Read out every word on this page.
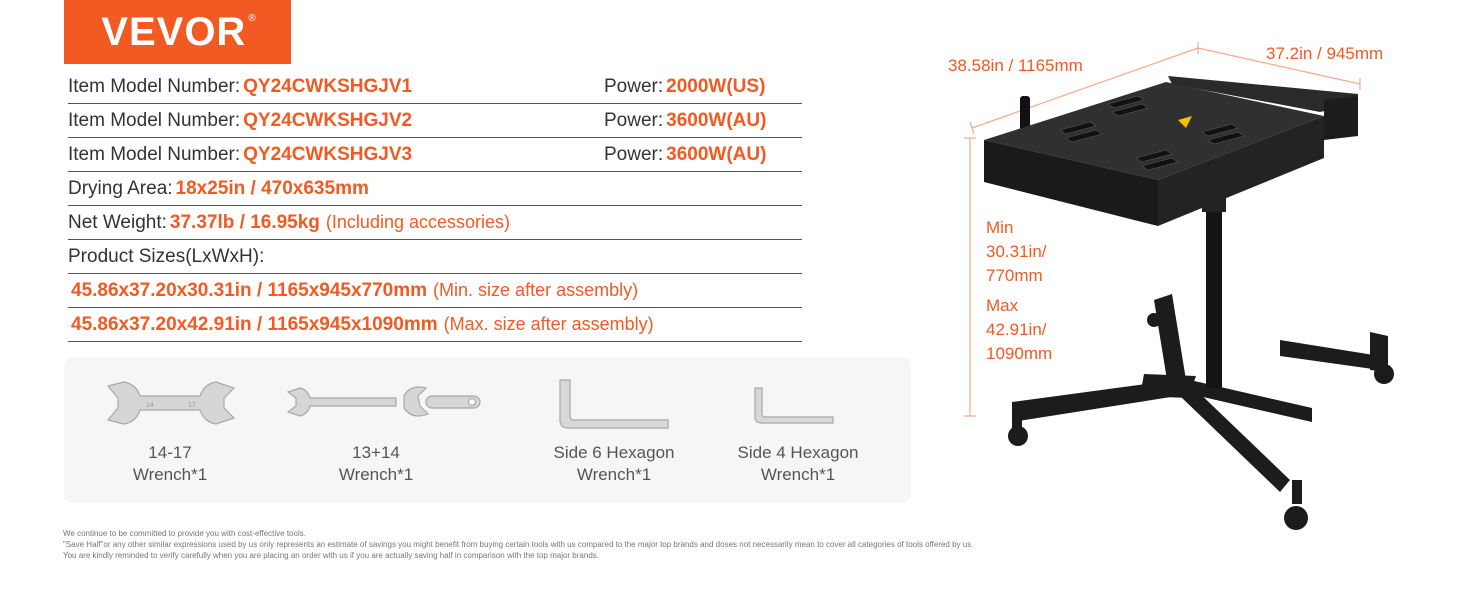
VEVOR®
Item Model Number: QY24CWKSHGJV1	Power: 2000W(US)
Item Model Number: QY24CWKSHGJV2	Power: 3600W(AU)
Item Model Number: QY24CWKSHGJV3	Power: 3600W(AU)
Drying Area: 18x25in / 470x635mm
Net Weight: 37.37lb / 16.95kg (Including accessories)
Product Sizes(LxWxH):
45.86x37.20x30.31in / 1165x945x770mm (Min. size after assembly)
45.86x37.20x42.91in / 1165x945x1090mm (Max. size after assembly)
14	17
14-17
Wrench*1
13+14
Wrench*1
Side 6 Hexagon
Wrench*1
Side 4 Hexagon
Wrench*1
We continue to be committed to provide you with cost-effective tools.
"Save Half"or any other similar expressions used by us only represents an estimate of savings you might benefit from buying certain tools with us compared to the major top brands and doses not necessarily mean to cover all categories of tools offered by us.
You are kindly reminded to verify carefully when you are placing an order with us if you are actually saving half in comparison with the top major brands.
38.58in / 1165mm
37.2in / 945mm
Min
30.31in/
770mm
Max
42.91in/
1090mm
